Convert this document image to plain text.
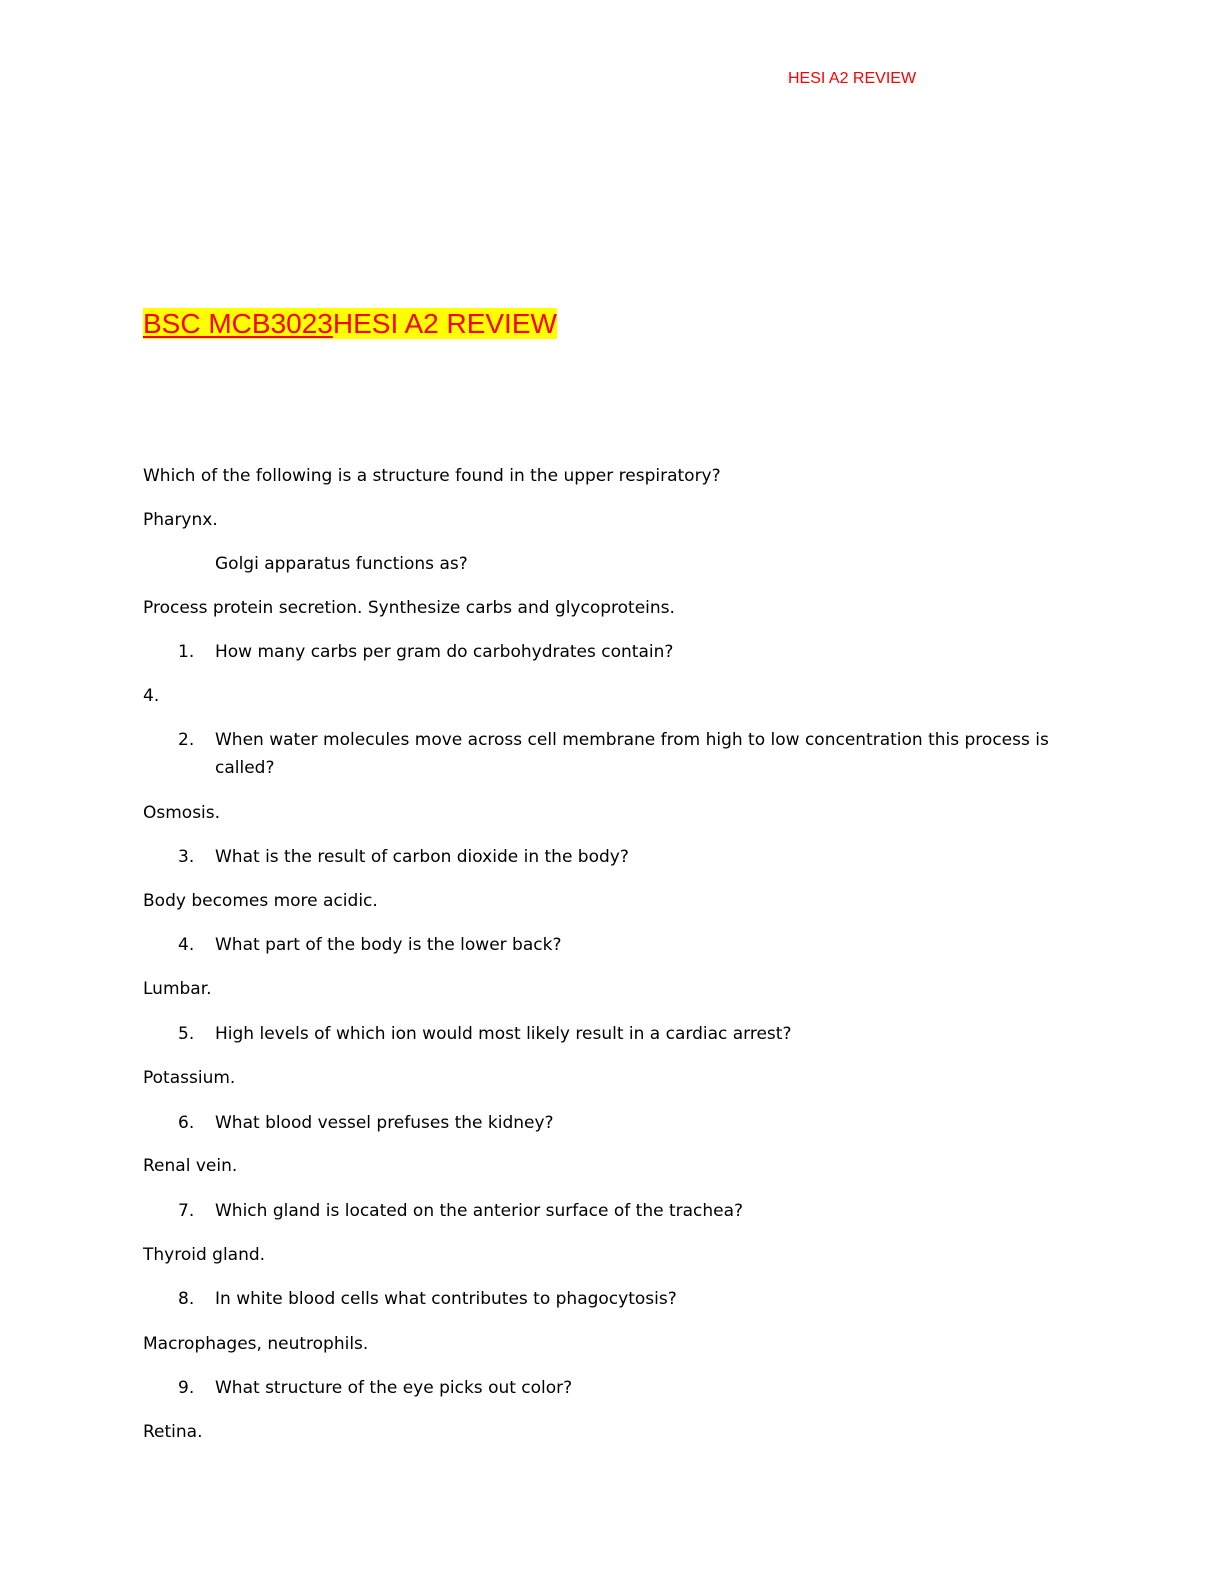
HESI A2 REVIEW
BSC MCB3023HESI A2 REVIEW
Which of the following is a structure found in the upper respiratory?
Pharynx.
Golgi apparatus functions as?
Process protein secretion. Synthesize carbs and glycoproteins.
1. How many carbs per gram do carbohydrates contain?
4.
2. When water molecules move across cell membrane from high to low concentration this process is called?
Osmosis.
3. What is the result of carbon dioxide in the body?
Body becomes more acidic.
4. What part of the body is the lower back?
Lumbar.
5. High levels of which ion would most likely result in a cardiac arrest?
Potassium.
6. What blood vessel prefuses the kidney?
Renal vein.
7. Which gland is located on the anterior surface of the trachea?
Thyroid gland.
8. In white blood cells what contributes to phagocytosis?
Macrophages, neutrophils.
9. What structure of the eye picks out color?
Retina.
